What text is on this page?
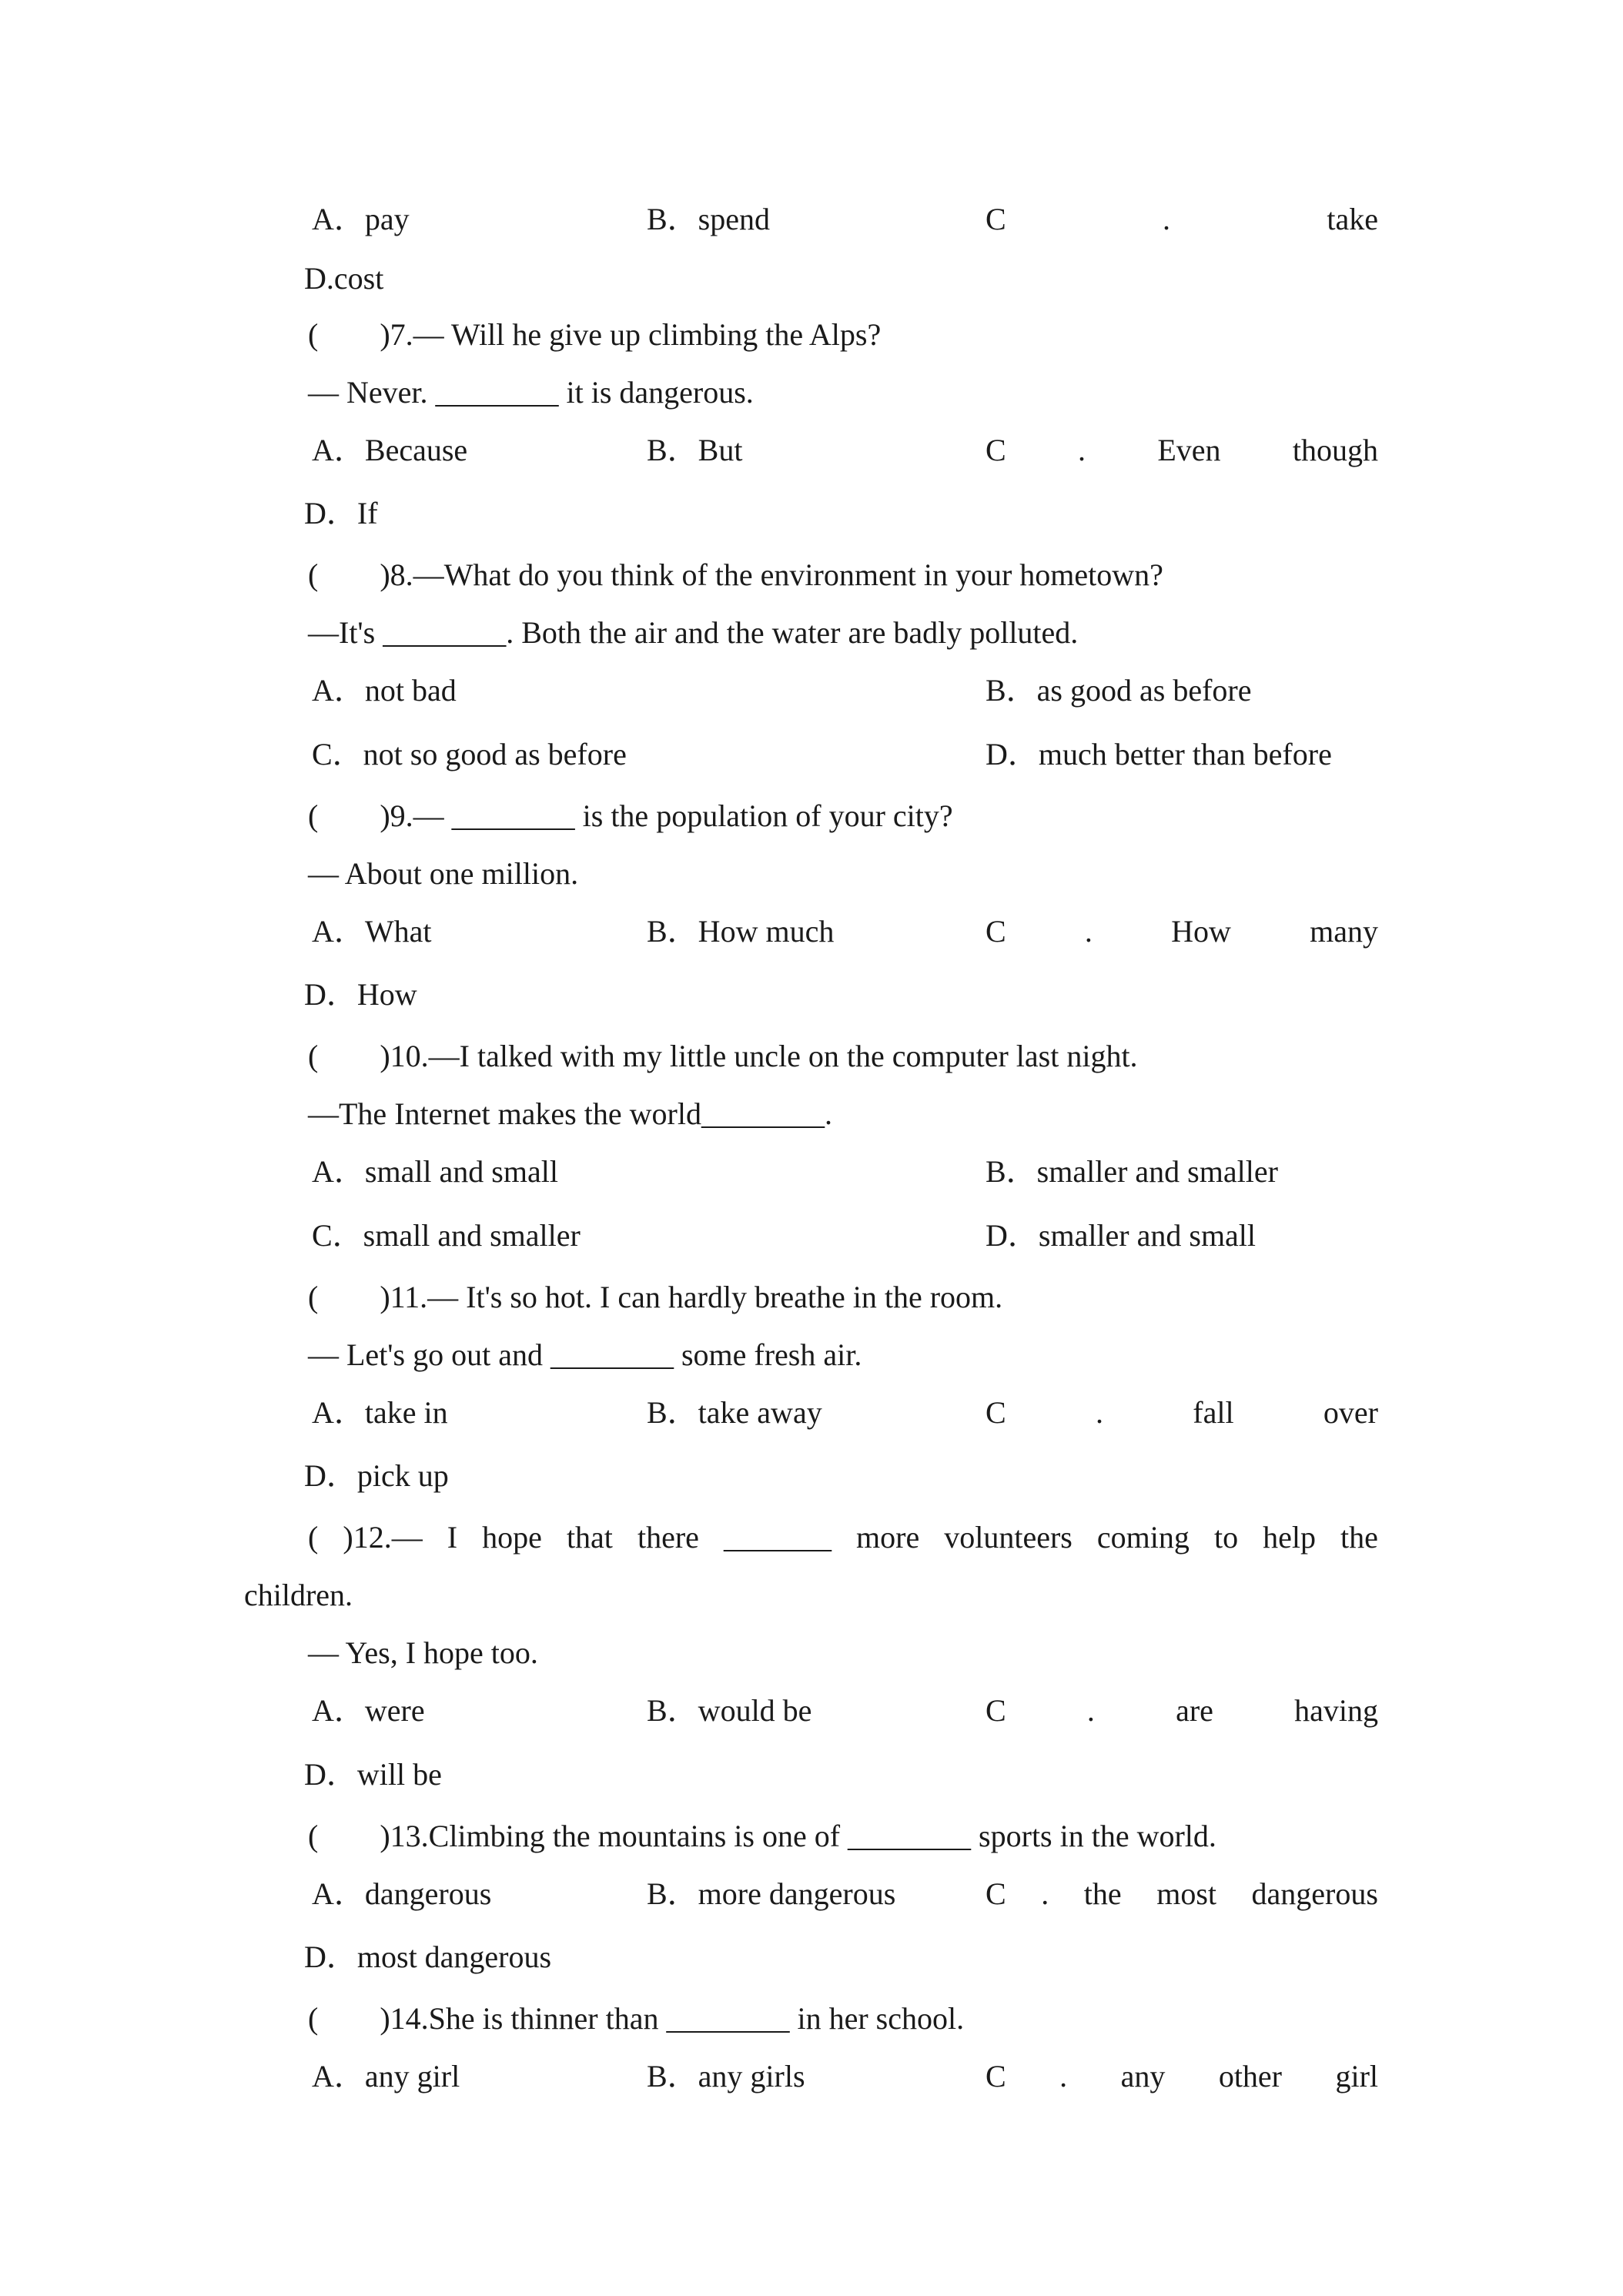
A．pay	B．spend	C	.	take
D.cost
(        )7.— Will he give up climbing the Alps?
— Never. ________ it is dangerous.
A．Because	B．But	C . Even though
D．If
(        )8.—What do you think of the environment in your hometown?
—It's ________. Both the air and the water are badly polluted.
A．not bad	B．as good as before
C．not so good as before	D．much better than before
(        )9.— ________ is the population of your city?
— About one million.
A．What	B．How much	C	.	How	many
D．How
(        )10.—I talked with my little uncle on the computer last night.
—The Internet makes the world________.
A．small and small	B．smaller and smaller
C．small and smaller	D．smaller and small
(        )11.— It's so hot. I can hardly breathe in the room.
— Let's go out and ________ some fresh air.
A．take in	B．take away	C	.	fall	over
D．pick up
( )12.— I hope that there _______ more volunteers coming to help the
children.
— Yes, I hope too.
A．were	B．would be	C	.	are	having
D．will be
(        )13.Climbing the mountains is one of ________ sports in the world.
A．dangerous	B．more dangerous	C . the most dangerous
D．most dangerous
(        )14.She is thinner than ________ in her school.
A．any girl	B．any girls	C . any other girl
